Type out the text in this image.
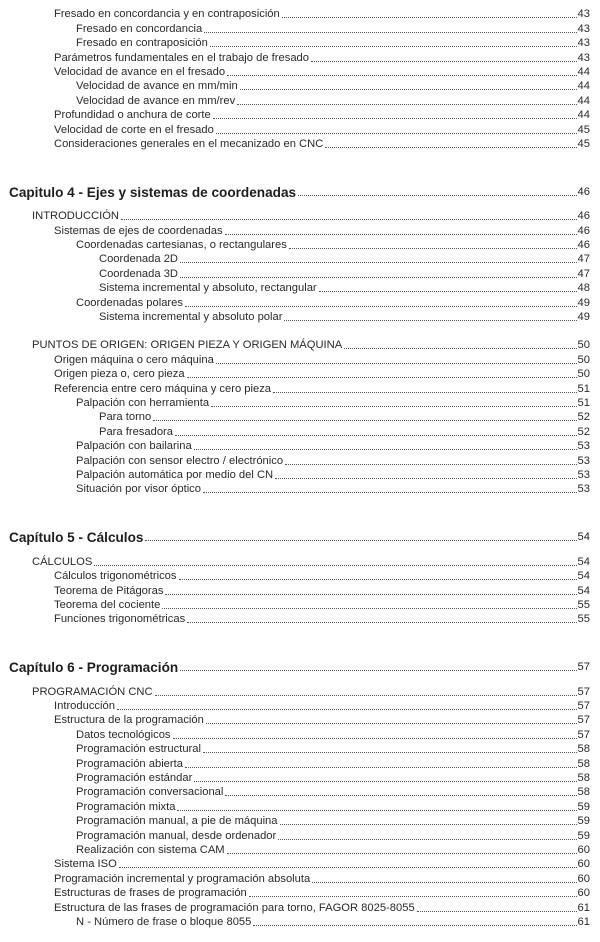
Fresado en concordancia y en contraposición	43
Fresado en concordancia	43
Fresado en contraposición	43
Parámetros fundamentales en el trabajo de fresado	43
Velocidad de avance en el fresado	44
Velocidad de avance en mm/min	44
Velocidad de avance en mm/rev	44
Profundidad o anchura de corte	44
Velocidad de corte en el fresado	45
Consideraciones generales en el mecanizado en CNC	45
Capitulo 4 - Ejes y sistemas de coordenadas	46
INTRODUCCIÓN	46
Sistemas de ejes de coordenadas	46
Coordenadas cartesianas, o rectangulares	46
Coordenada 2D	47
Coordenada 3D	47
Sistema incremental y absoluto, rectangular	48
Coordenadas polares	49
Sistema incremental y absoluto polar	49
PUNTOS DE ORIGEN: ORIGEN PIEZA Y ORIGEN MÁQUINA	50
Origen máquina o cero máquina	50
Origen pieza o, cero pieza	50
Referencia entre cero máquina y cero pieza	51
Palpación con herramienta	51
Para torno	52
Para fresadora	52
Palpación con bailarina	53
Palpación con sensor electro / electrónico	53
Palpación automática por medio del CN	53
Situación por visor óptico	53
Capítulo 5 - Cálculos	54
CÁLCULOS	54
Cálculos trigonométricos	54
Teorema de Pitágoras	54
Teorema del cociente	55
Funciones trigonométricas	55
Capítulo 6 - Programación	57
PROGRAMACIÓN CNC	57
Introducción	57
Estructura de la programación	57
Datos tecnológicos	57
Programación estructural	58
Programación abierta	58
Programación estándar	58
Programación conversacional	58
Programación mixta	59
Programación manual, a pie de máquina	59
Programación manual, desde ordenador	59
Realización con sistema CAM	60
Sistema ISO	60
Programación incremental y programación absoluta	60
Estructuras de frases de programación	60
Estructura de las frases de programación para torno, FAGOR 8025-8055	61
N - Número de frase o bloque 8055	61
